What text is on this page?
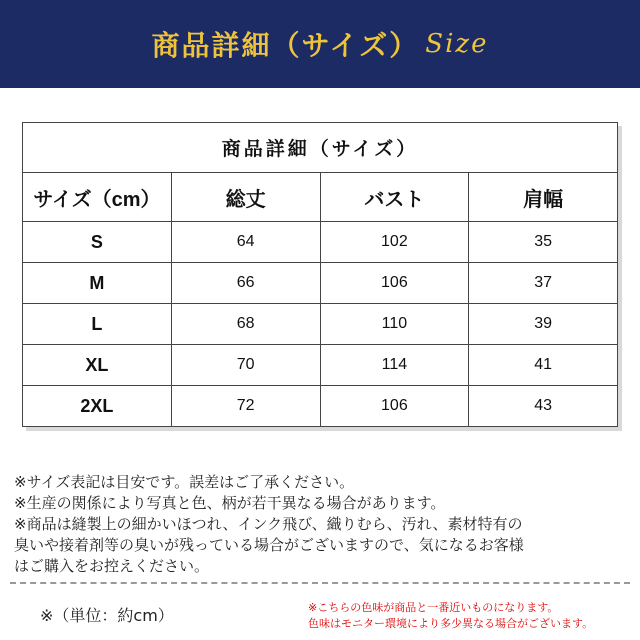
商品詳細（サイズ） Size
商品詳細（サイズ）			
サイズ（cm）	総丈	バスト	肩幅
S	64	102	35
M	66	106	37
L	68	110	39
XL	70	114	41
2XL	72	106	43
※サイズ表記は目安です。誤差はご了承ください。
※生産の関係により写真と色、柄が若干異なる場合があります。
※商品は縫製上の細かいほつれ、インク飛び、織りむら、汚れ、素材特有の
臭いや接着剤等の臭いが残っている場合がございますので、気になるお客様
はご購入をお控えください。
※（単位：約cm）	※こちらの色味が商品と一番近いものになります。
色味はモニター環境により多少異なる場合がございます。
